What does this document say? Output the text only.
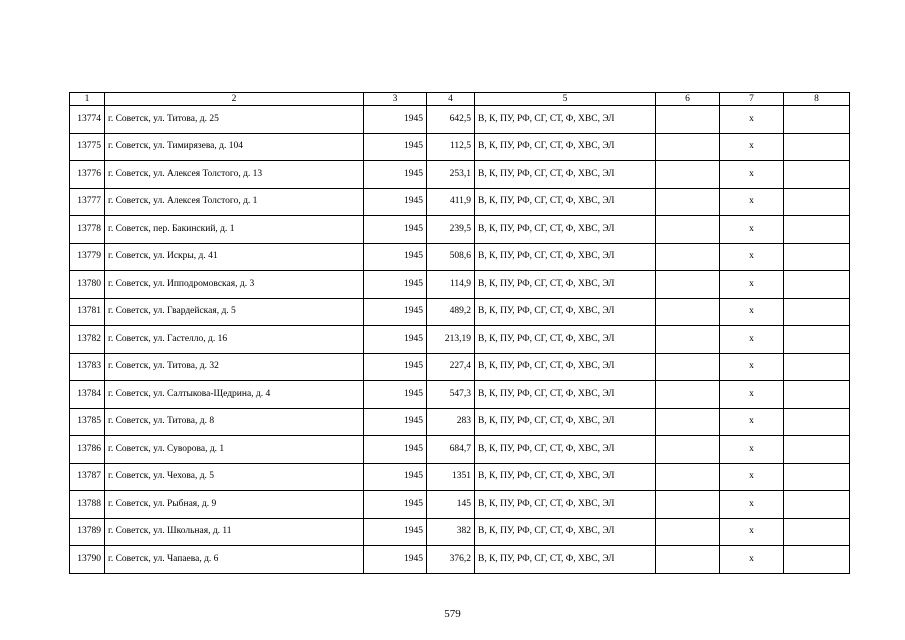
1	2	3	4	5	6	7	8
13774	г. Советск, ул. Титова, д. 25	1945	642,5	В, К, ПУ, РФ, СГ, СТ, Ф, ХВС, ЭЛ		x	
13775	г. Советск, ул. Тимирязева, д. 104	1945	112,5	В, К, ПУ, РФ, СГ, СТ, Ф, ХВС, ЭЛ		x	
13776	г. Советск, ул. Алексея Толстого, д. 13	1945	253,1	В, К, ПУ, РФ, СГ, СТ, Ф, ХВС, ЭЛ		x	
13777	г. Советск, ул. Алексея Толстого, д. 1	1945	411,9	В, К, ПУ, РФ, СГ, СТ, Ф, ХВС, ЭЛ		x	
13778	г. Советск, пер. Бакинский, д. 1	1945	239,5	В, К, ПУ, РФ, СГ, СТ, Ф, ХВС, ЭЛ		x	
13779	г. Советск, ул. Искры, д. 41	1945	508,6	В, К, ПУ, РФ, СГ, СТ, Ф, ХВС, ЭЛ		x	
13780	г. Советск, ул. Ипподромовская, д. 3	1945	114,9	В, К, ПУ, РФ, СГ, СТ, Ф, ХВС, ЭЛ		x	
13781	г. Советск, ул. Гвардейская, д. 5	1945	489,2	В, К, ПУ, РФ, СГ, СТ, Ф, ХВС, ЭЛ		x	
13782	г. Советск, ул. Гастелло, д. 16	1945	213,19	В, К, ПУ, РФ, СГ, СТ, Ф, ХВС, ЭЛ		x	
13783	г. Советск, ул. Титова, д. 32	1945	227,4	В, К, ПУ, РФ, СГ, СТ, Ф, ХВС, ЭЛ		x	
13784	г. Советск, ул. Салтыкова-Щедрина, д. 4	1945	547,3	В, К, ПУ, РФ, СГ, СТ, Ф, ХВС, ЭЛ		x	
13785	г. Советск, ул. Титова, д. 8	1945	283	В, К, ПУ, РФ, СГ, СТ, Ф, ХВС, ЭЛ		x	
13786	г. Советск, ул. Суворова, д. 1	1945	684,7	В, К, ПУ, РФ, СГ, СТ, Ф, ХВС, ЭЛ		x	
13787	г. Советск, ул. Чехова, д. 5	1945	1351	В, К, ПУ, РФ, СГ, СТ, Ф, ХВС, ЭЛ		x	
13788	г. Советск, ул. Рыбная, д. 9	1945	145	В, К, ПУ, РФ, СГ, СТ, Ф, ХВС, ЭЛ		x	
13789	г. Советск, ул. Школьная, д. 11	1945	382	В, К, ПУ, РФ, СГ, СТ, Ф, ХВС, ЭЛ		x	
13790	г. Советск, ул. Чапаева, д. 6	1945	376,2	В, К, ПУ, РФ, СГ, СТ, Ф, ХВС, ЭЛ		x	
579
